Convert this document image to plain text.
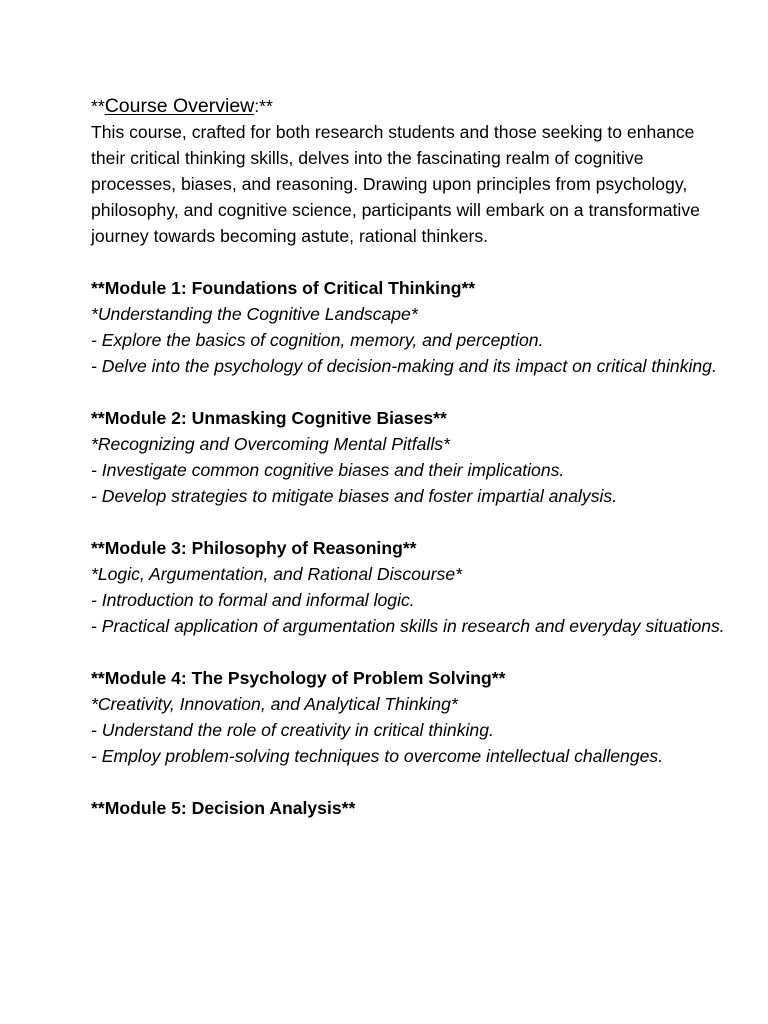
**Course Overview:**

This course, crafted for both research students and those seeking to enhance their critical thinking skills, delves into the fascinating realm of cognitive processes, biases, and reasoning. Drawing upon principles from psychology, philosophy, and cognitive science, participants will embark on a transformative journey towards becoming astute, rational thinkers.

**Module 1: Foundations of Critical Thinking**

*Understanding the Cognitive Landscape*

- Explore the basics of cognition, memory, and perception.

- Delve into the psychology of decision-making and its impact on critical thinking.

**Module 2: Unmasking Cognitive Biases**

*Recognizing and Overcoming Mental Pitfalls*

- Investigate common cognitive biases and their implications.

- Develop strategies to mitigate biases and foster impartial analysis.

**Module 3: Philosophy of Reasoning**

*Logic, Argumentation, and Rational Discourse*

- Introduction to formal and informal logic.

- Practical application of argumentation skills in research and everyday situations.

**Module 4: The Psychology of Problem Solving**

*Creativity, Innovation, and Analytical Thinking*

- Understand the role of creativity in critical thinking.

- Employ problem-solving techniques to overcome intellectual challenges.

**Module 5: Decision Analysis**
